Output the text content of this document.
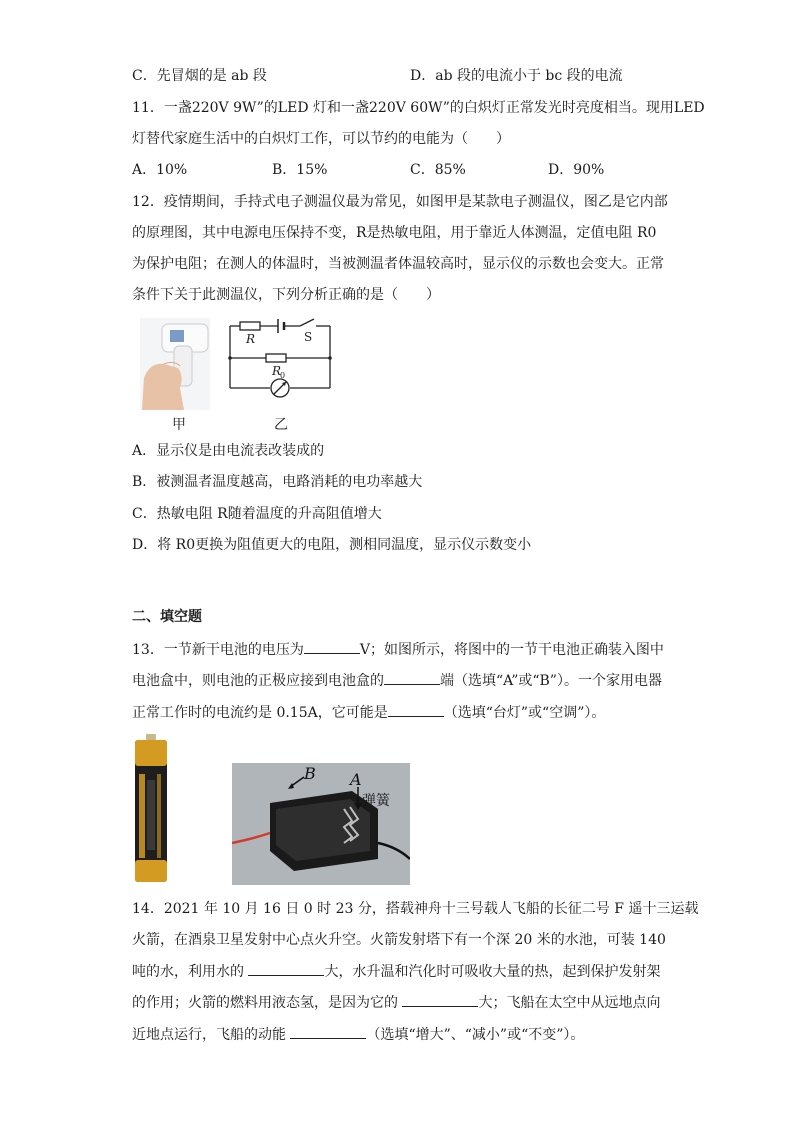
C．先冒烟的是 ab 段	D．ab 段的电流小于 bc 段的电流
11．一盏220V 9W”的LED 灯和一盏220V 60W”的白炽灯正常发光时亮度相当。现用LED
灯替代家庭生活中的白炽灯工作，可以节约的电能为（　　）
A．10%	B．15%	C．85%	D．90%
12．疫情期间，手持式电子测温仪最为常见，如图甲是某款电子测温仪，图乙是它内部
的原理图，其中电源电压保持不变，R是热敏电阻，用于靠近人体测温，定值电阻 R0
为保护电阻；在测人的体温时，当被测温者体温较高时，显示仪的示数也会变大。正常
条件下关于此测温仪，下列分析正确的是（　　）
甲
R	S
R
0
乙
A．显示仪是由电流表改装成的
B．被测温者温度越高，电路消耗的电功率越大
C．热敏电阻 R随着温度的升高阻值增大
D．将 R0更换为阻值更大的电阻，测相同温度，显示仪示数变小
二、填空题
13．一节新干电池的电压为	V；如图所示，将图中的一节干电池正确装入图中
电池盒中，则电池的正极应接到电池盒的	端（选填“A”或“B”）。一个家用电器
正常工作时的电流约是 0.15A，它可能是	（选填“台灯”或“空调”）。
B A
弹簧
14．2021 年 10 月 16 日 0 时 23 分，搭载神舟十三号载人飞船的长征二号 F 遥十三运载
火箭，在酒泉卫星发射中心点火升空。火箭发射塔下有一个深 20 米的水池，可装 140
吨的水，利用水的	大，水升温和汽化时可吸收大量的热，起到保护发射架
的作用；火箭的燃料用液态氢，是因为它的	大；飞船在太空中从远地点向
近地点运行，飞船的动能	（选填“增大”、“减小”或“不变”）。
